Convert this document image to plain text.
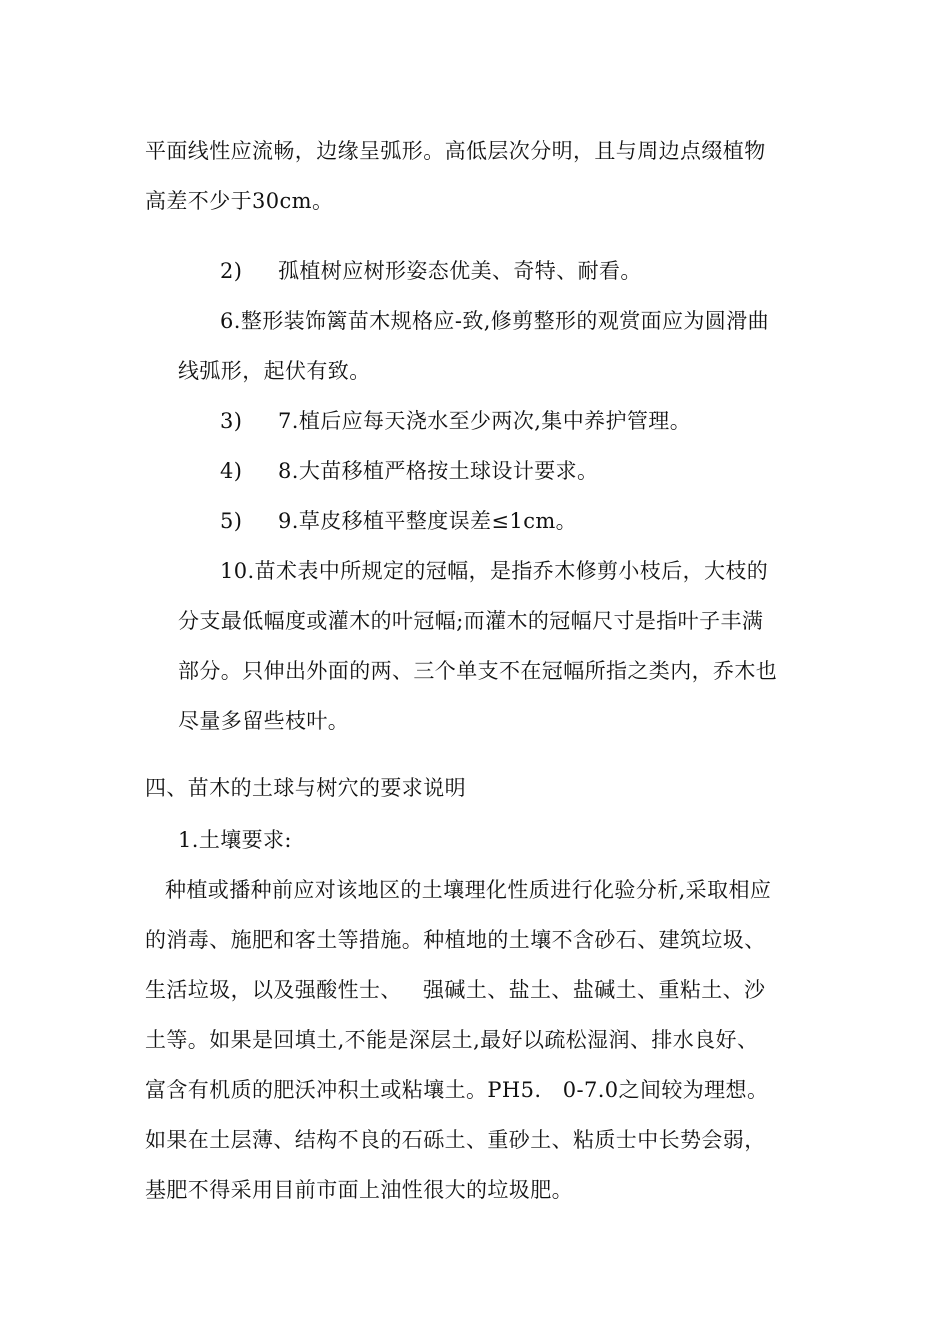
平面线性应流畅，边缘呈弧形。高低层次分明，且与周边点缀植物
高差不少于30cm。
2) 孤植树应树形姿态优美、奇特、耐看。
6.整形装饰篱苗木规格应-致,修剪整形的观赏面应为圆滑曲
线弧形，起伏有致。
3) 7.植后应每天浇水至少两次,集中养护管理。
4) 8.大苗移植严格按土球设计要求。
5) 9.草皮移植平整度误差≤1cm。
10.苗术表中所规定的冠幅，是指乔木修剪小枝后，大枝的
分支最低幅度或灌木的叶冠幅;而灌木的冠幅尺寸是指叶子丰满
部分。只伸出外面的两、三个单支不在冠幅所指之类内，乔木也
尽量多留些枝叶。
四、苗木的土球与树穴的要求说明
1.土壤要求:
种植或播种前应对该地区的土壤理化性质进行化验分析,采取相应
的消毒、施肥和客土等措施。种植地的土壤不含砂石、建筑垃圾、
生活垃圾，以及强酸性士、   强碱土、盐土、盐碱土、重粘土、沙
土等。如果是回填土,不能是深层土,最好以疏松湿润、排水良好、
富含有机质的肥沃冲积土或粘壤土。PH5.   0-7.0之间较为理想。
如果在土层薄、结构不良的石砾土、重砂土、粘质士中长势会弱，
基肥不得采用目前市面上油性很大的垃圾肥。
